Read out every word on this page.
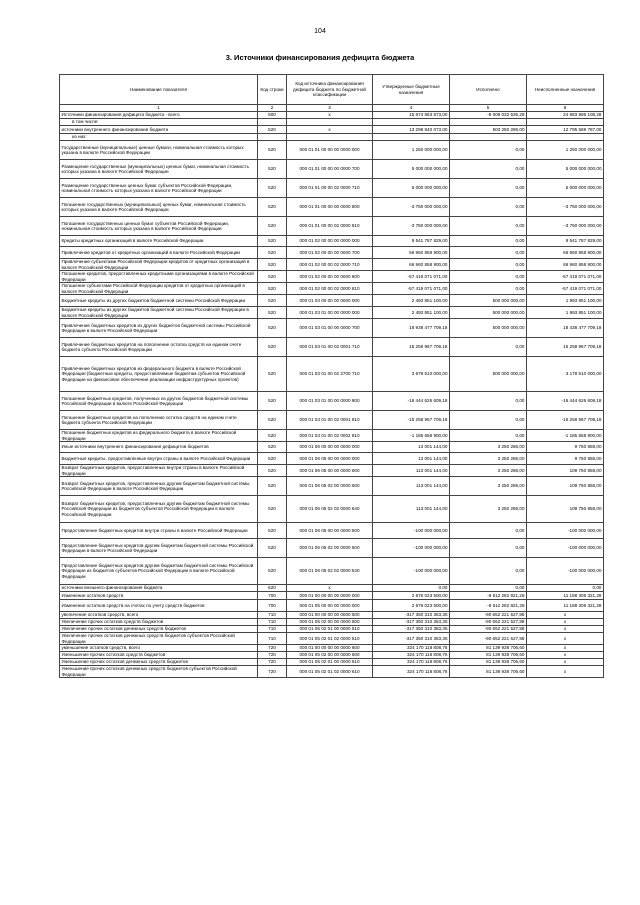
104
3. Источники финансирования дефицита бюджета
Наименование показателя	Код строки	Код источника финансирования дефицита бюджета по бюджетной классификации	Утвержденные бюджетные назначения	Исполнено	Неисполненные назначения
1	2	3	4	5	6
Источники финансирования дефицита бюджета - всего	500	х	15 974 863 573,00	-8 009 032 535,28	24 983 896 108,28
в том числе:					
источники внутреннего финансирования бюджета	520	х	13 298 840 073,00	503 250 286,00	12 795 589 787,00
из них:					
Государственные (муниципальные) ценные бумаги, номинальная стоимость которых указана в валюте Российской Федерации	520	000 01 01 00 00 00 0000 000	1 250 000 000,00	0,00	1 250 000 000,00
Размещение государственных (муниципальных) ценных бумаг, номинальная стоимость которых указана в валюте Российской Федерации	520	000 01 01 00 00 00 0000 700	5 000 000 000,00	0,00	5 000 000 000,00
Размещение государственных ценных бумаг субъектов Российской Федерации, номинальная стоимость которых указана в валюте Российской Федерации	520	000 01 01 00 00 02 0000 710	5 000 000 000,00	0,00	5 000 000 000,00
Погашение государственных (муниципальных) ценных бумаг, номинальная стоимость которых указана в валюте Российской Федерации	520	000 01 01 00 00 00 0000 800	-3 750 000 000,00	0,00	-3 750 000 000,00
Погашение государственных ценных бумаг субъектов Российской Федерации, номинальная стоимость которых указана в валюте Российской Федерации	520	000 01 01 00 00 02 0000 810	-3 750 000 000,00	0,00	-3 750 000 000,00
Кредиты кредитных организаций в валюте Российской Федерации	520	000 01 02 00 00 00 0000 000	9 541 787 829,00	0,00	9 541 787 829,00
Привлечение кредитов от кредитных организаций в валюте Российской Федерации	520	000 01 02 00 00 00 0000 700	66 960 858 900,00	0,00	66 960 858 900,00
Привлечение субъектами Российской Федерации кредитов от кредитных организаций в валюте Российской Федерации	520	000 01 02 00 00 02 0000 710	66 960 858 900,00	0,00	66 960 858 900,00
Погашение кредитов, предоставленных кредитными организациями в валюте Российской Федерации	520	000 01 02 00 00 00 0000 800	-57 419 071 071,00	0,00	-57 419 071 071,00
Погашение субъектами Российской Федерации кредитов от кредитных организаций в валюте Российской Федерации	520	000 01 02 00 00 02 0000 810	-57 419 071 071,00	0,00	-57 419 071 071,00
Бюджетные кредиты из других бюджетов бюджетной системы Российской Федерации	520	000 01 03 00 00 00 0000 000	2 493 851 100,00	500 000 000,00	1 993 851 100,00
Бюджетные кредиты из других бюджетов бюджетной системы Российской Федерации в валюте Российской Федерации	520	000 01 03 01 00 00 0000 000	2 493 851 100,00	500 000 000,00	1 993 851 100,00
Привлечение бюджетных кредитов из других бюджетов бюджетной системы Российской Федерации в валюте Российской Федерации	520	000 01 03 01 00 00 0000 700	18 938 477 709,18	500 000 000,00	18 438 477 709,18
Привлечение бюджетных кредитов на пополнение остатка средств на едином счете бюджета субъекта Российской Федерации	520	000 01 03 01 00 02 0001 710	15 258 967 709,18	0,00	15 258 967 709,18
Привлечение бюджетных кредитов из федерального бюджета в валюте Российской Федерации (бюджетные кредиты, предоставляемые бюджетам субъектов Российской Федерации на финансовое обеспечение реализации инфраструктурных проектов)	520	000 01 03 01 00 02 2700 710	3 679 510 000,00	500 000 000,00	3 179 510 000,00
Погашение бюджетных кредитов, полученных из других бюджетов бюджетной системы Российской Федерации в валюте Российской Федерации	520	000 01 03 01 00 00 0000 800	-16 444 626 609,18	0,00	-16 444 626 609,18
Погашение бюджетных кредитов на пополнение остатка средств на едином счете бюджета субъекта Российской Федерации	520	000 01 03 01 00 02 0001 810	-15 258 967 709,18	0,00	-15 258 967 709,18
Погашение бюджетных кредитов из федерального бюджета в валюте Российской Федерации	520	000 01 03 01 00 02 0002 810	-1 185 658 900,00	0,00	-1 185 658 900,00
Иные источники внутреннего финансирования дефицитов бюджетов	520	000 01 06 00 00 00 0000 000	13 001 144,00	3 250 286,00	9 750 858,00
Бюджетные кредиты, предоставленные внутри страны в валюте Российской Федерации	520	000 01 06 05 00 00 0000 000	13 001 144,00	3 250 286,00	9 750 858,00
Возврат бюджетных кредитов, предоставленных внутри страны в валюте Российской Федерации	520	000 01 06 05 00 00 0000 600	113 001 144,00	3 250 286,00	109 750 858,00
Возврат бюджетных кредитов, предоставленных другим бюджетам бюджетной системы Российской Федерации в валюте Российской Федерации	520	000 01 06 05 02 00 0000 600	113 001 144,00	3 250 286,00	109 750 858,00
Возврат бюджетных кредитов, предоставленных другим бюджетам бюджетной системы Российской Федерации из бюджетов субъектов Российской Федерации в валюте Российской Федерации	520	000 01 06 05 02 02 0000 640	113 001 144,00	3 250 286,00	109 750 858,00
Предоставление бюджетных кредитов внутри страны в валюте Российской Федерации	520	000 01 06 05 00 00 0000 500	-100 000 000,00	0,00	-100 000 000,00
Предоставление бюджетных кредитов другим бюджетам бюджетной системы Российской Федерации в валюте Российской Федерации	520	000 01 06 05 02 00 0000 500	-100 000 000,00	0,00	-100 000 000,00
Предоставление бюджетных кредитов другим бюджетам бюджетной системы Российской Федерации из бюджетов субъектов Российской Федерации в валюте Российской Федерации	520	000 01 06 05 02 02 0000 540	-100 000 000,00	0,00	-100 000 000,00
источники внешнего финансирования бюджета	620	х	0,00	0,00	0,00
Изменение остатков средств	700	000 01 00 00 00 00 0000 000	2 676 023 500,00	-8 512 282 821,28	11 188 306 321,28
Изменение остатков средств на счетах по учету средств бюджетов	700	000 01 05 00 00 00 0000 000	2 676 023 500,00	-8 512 282 821,28	11 188 306 321,28
увеличение остатков средств, всего	710	000 01 00 00 00 00 0000 500	-317 350 310 363,35	-90 652 221 527,88	х
Увеличение прочих остатков средств бюджетов	710	000 01 05 02 00 00 0000 500	-317 350 310 363,35	-90 652 221 527,88	х
Увеличение прочих остатков денежных средств бюджетов	710	000 01 05 02 01 00 0000 510	-317 350 310 363,35	-90 652 221 527,88	х
Увеличение прочих остатков денежных средств бюджетов субъектов Российской Федерации	710	000 01 05 02 01 02 0000 510	-317 350 310 363,35	-90 652 221 527,88	х
уменьшение остатков средств, всего	720	000 01 00 00 00 00 0000 600	324 170 118 808,76	81 139 938 706,60	х
Уменьшение прочих остатков средств бюджетов	720	000 01 05 02 00 00 0000 600	324 170 118 808,76	81 139 938 706,60	х
Уменьшение прочих остатков денежных средств бюджетов	720	000 01 05 02 01 00 0000 610	324 170 118 808,76	81 139 938 706,60	х
Уменьшение прочих остатков денежных средств бюджетов субъектов Российской Федерации	720	000 01 05 02 01 02 0000 610	324 170 118 808,76	81 139 938 706,60	х
